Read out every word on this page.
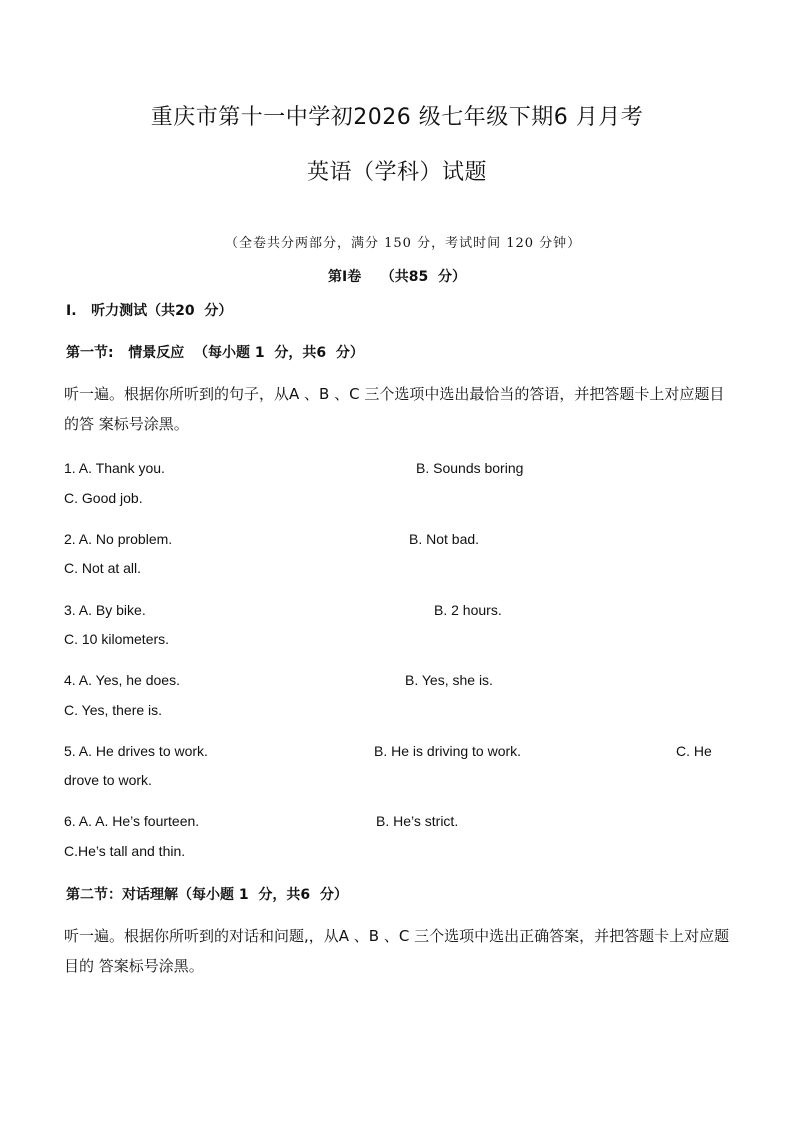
重庆市第十一中学初2026 级七年级下期6 月月考
英语（学科）试题
（全卷共分两部分，满分 150 分，考试时间 120 分钟）
第Ⅰ卷    （共85  分）
Ⅰ.   听力测试（共20  分）
第一节:   情景反应  （每小题 1  分，共6  分）
听一遍。根据你所听到的句子，从A 、B 、C 三个选项中选出最恰当的答语，并把答题卡上对应题目的答 案标号涂黑。
1. A. Thank you.	B. Sounds boring
C. Good job.
2. A. No problem.	B. Not bad.
C. Not at all.
3. A. By bike.	B. 2 hours.
C. 10 kilometers.
4. A. Yes, he does.	B. Yes, she is.
C. Yes, there is.
5. A. He drives to work.	B. He is driving to work.	C. He
drove to work.
6. A. A. He’s fourteen.	B. He’s strict.
C.He’s tall and thin.
第二节：对话理解（每小题 1  分，共6  分）
听一遍。根据你所听到的对话和问题,，从A 、B 、C 三个选项中选出正确答案，并把答题卡上对应题目的 答案标号涂黑。
